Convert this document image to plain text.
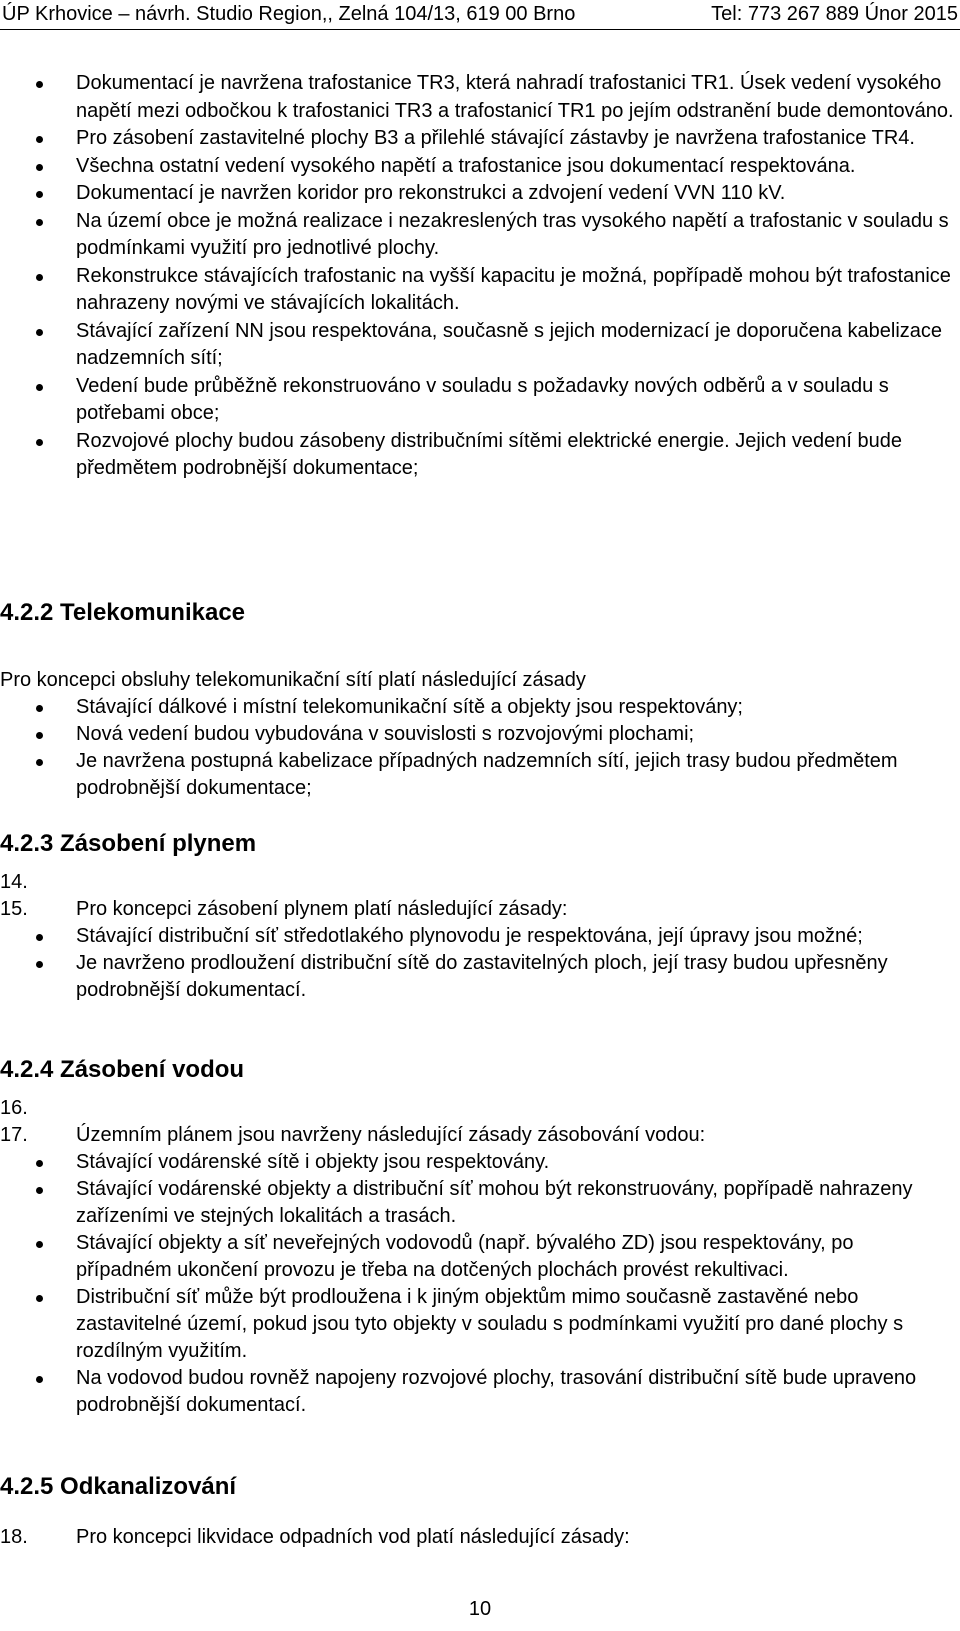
ÚP Krhovice – návrh. Studio Region,, Zelná 104/13, 619 00 Brno	Tel: 773 267 889 Únor 2015
Dokumentací je navržena trafostanice TR3, která nahradí trafostanici TR1. Úsek vedení vysokého napětí mezi odbočkou k trafostanici TR3 a trafostanicí TR1 po jejím odstranění bude demontováno.
Pro zásobení zastavitelné plochy B3 a přilehlé stávající zástavby je navržena trafostanice TR4.
Všechna ostatní vedení vysokého napětí a trafostanice jsou dokumentací respektována.
Dokumentací je navržen koridor pro rekonstrukci a zdvojení vedení VVN 110 kV.
Na území obce je možná realizace i nezakreslených tras vysokého napětí a trafostanic v souladu s podmínkami využití pro jednotlivé plochy.
Rekonstrukce stávajících trafostanic na vyšší kapacitu je možná, popřípadě mohou být trafostanice nahrazeny novými ve stávajících lokalitách.
Stávající zařízení NN jsou respektována, současně s jejich modernizací je doporučena kabelizace nadzemních sítí;
Vedení bude průběžně rekonstruováno v souladu s požadavky nových odběrů a v souladu s potřebami obce;
Rozvojové plochy budou zásobeny distribučními sítěmi elektrické energie. Jejich vedení bude předmětem podrobnější dokumentace;
4.2.2 Telekomunikace
Pro koncepci obsluhy telekomunikační sítí platí následující zásady
Stávající dálkové i místní telekomunikační sítě a objekty jsou respektovány;
Nová vedení budou vybudována v souvislosti s rozvojovými plochami;
Je navržena postupná kabelizace případných nadzemních sítí, jejich trasy budou předmětem podrobnější dokumentace;
4.2.3 Zásobení plynem
14.
15. Pro koncepci zásobení plynem platí následující zásady:
Stávající distribuční síť středotlakého plynovodu je respektována, její úpravy jsou možné;
Je navrženo prodloužení distribuční sítě do zastavitelných ploch, její trasy budou upřesněny podrobnější dokumentací.
4.2.4 Zásobení vodou
16.
17. Územním plánem jsou navrženy následující zásady zásobování vodou:
Stávající vodárenské sítě i objekty jsou respektovány.
Stávající vodárenské objekty a distribuční síť mohou být rekonstruovány, popřípadě nahrazeny zařízeními ve stejných lokalitách a trasách.
Stávající objekty a síť neveřejných vodovodů (např. bývalého ZD) jsou respektovány, po případném ukončení provozu je třeba na dotčených plochách provést rekultivaci.
Distribuční síť může být prodloužena i k jiným objektům mimo současně zastavěné nebo zastavitelné území, pokud jsou tyto objekty v souladu s podmínkami využití pro dané plochy s rozdílným využitím.
Na vodovod budou rovněž napojeny rozvojové plochy, trasování distribuční sítě bude upraveno podrobnější dokumentací.
4.2.5 Odkanalizování
18. Pro koncepci likvidace odpadních vod platí následující zásady:
10
